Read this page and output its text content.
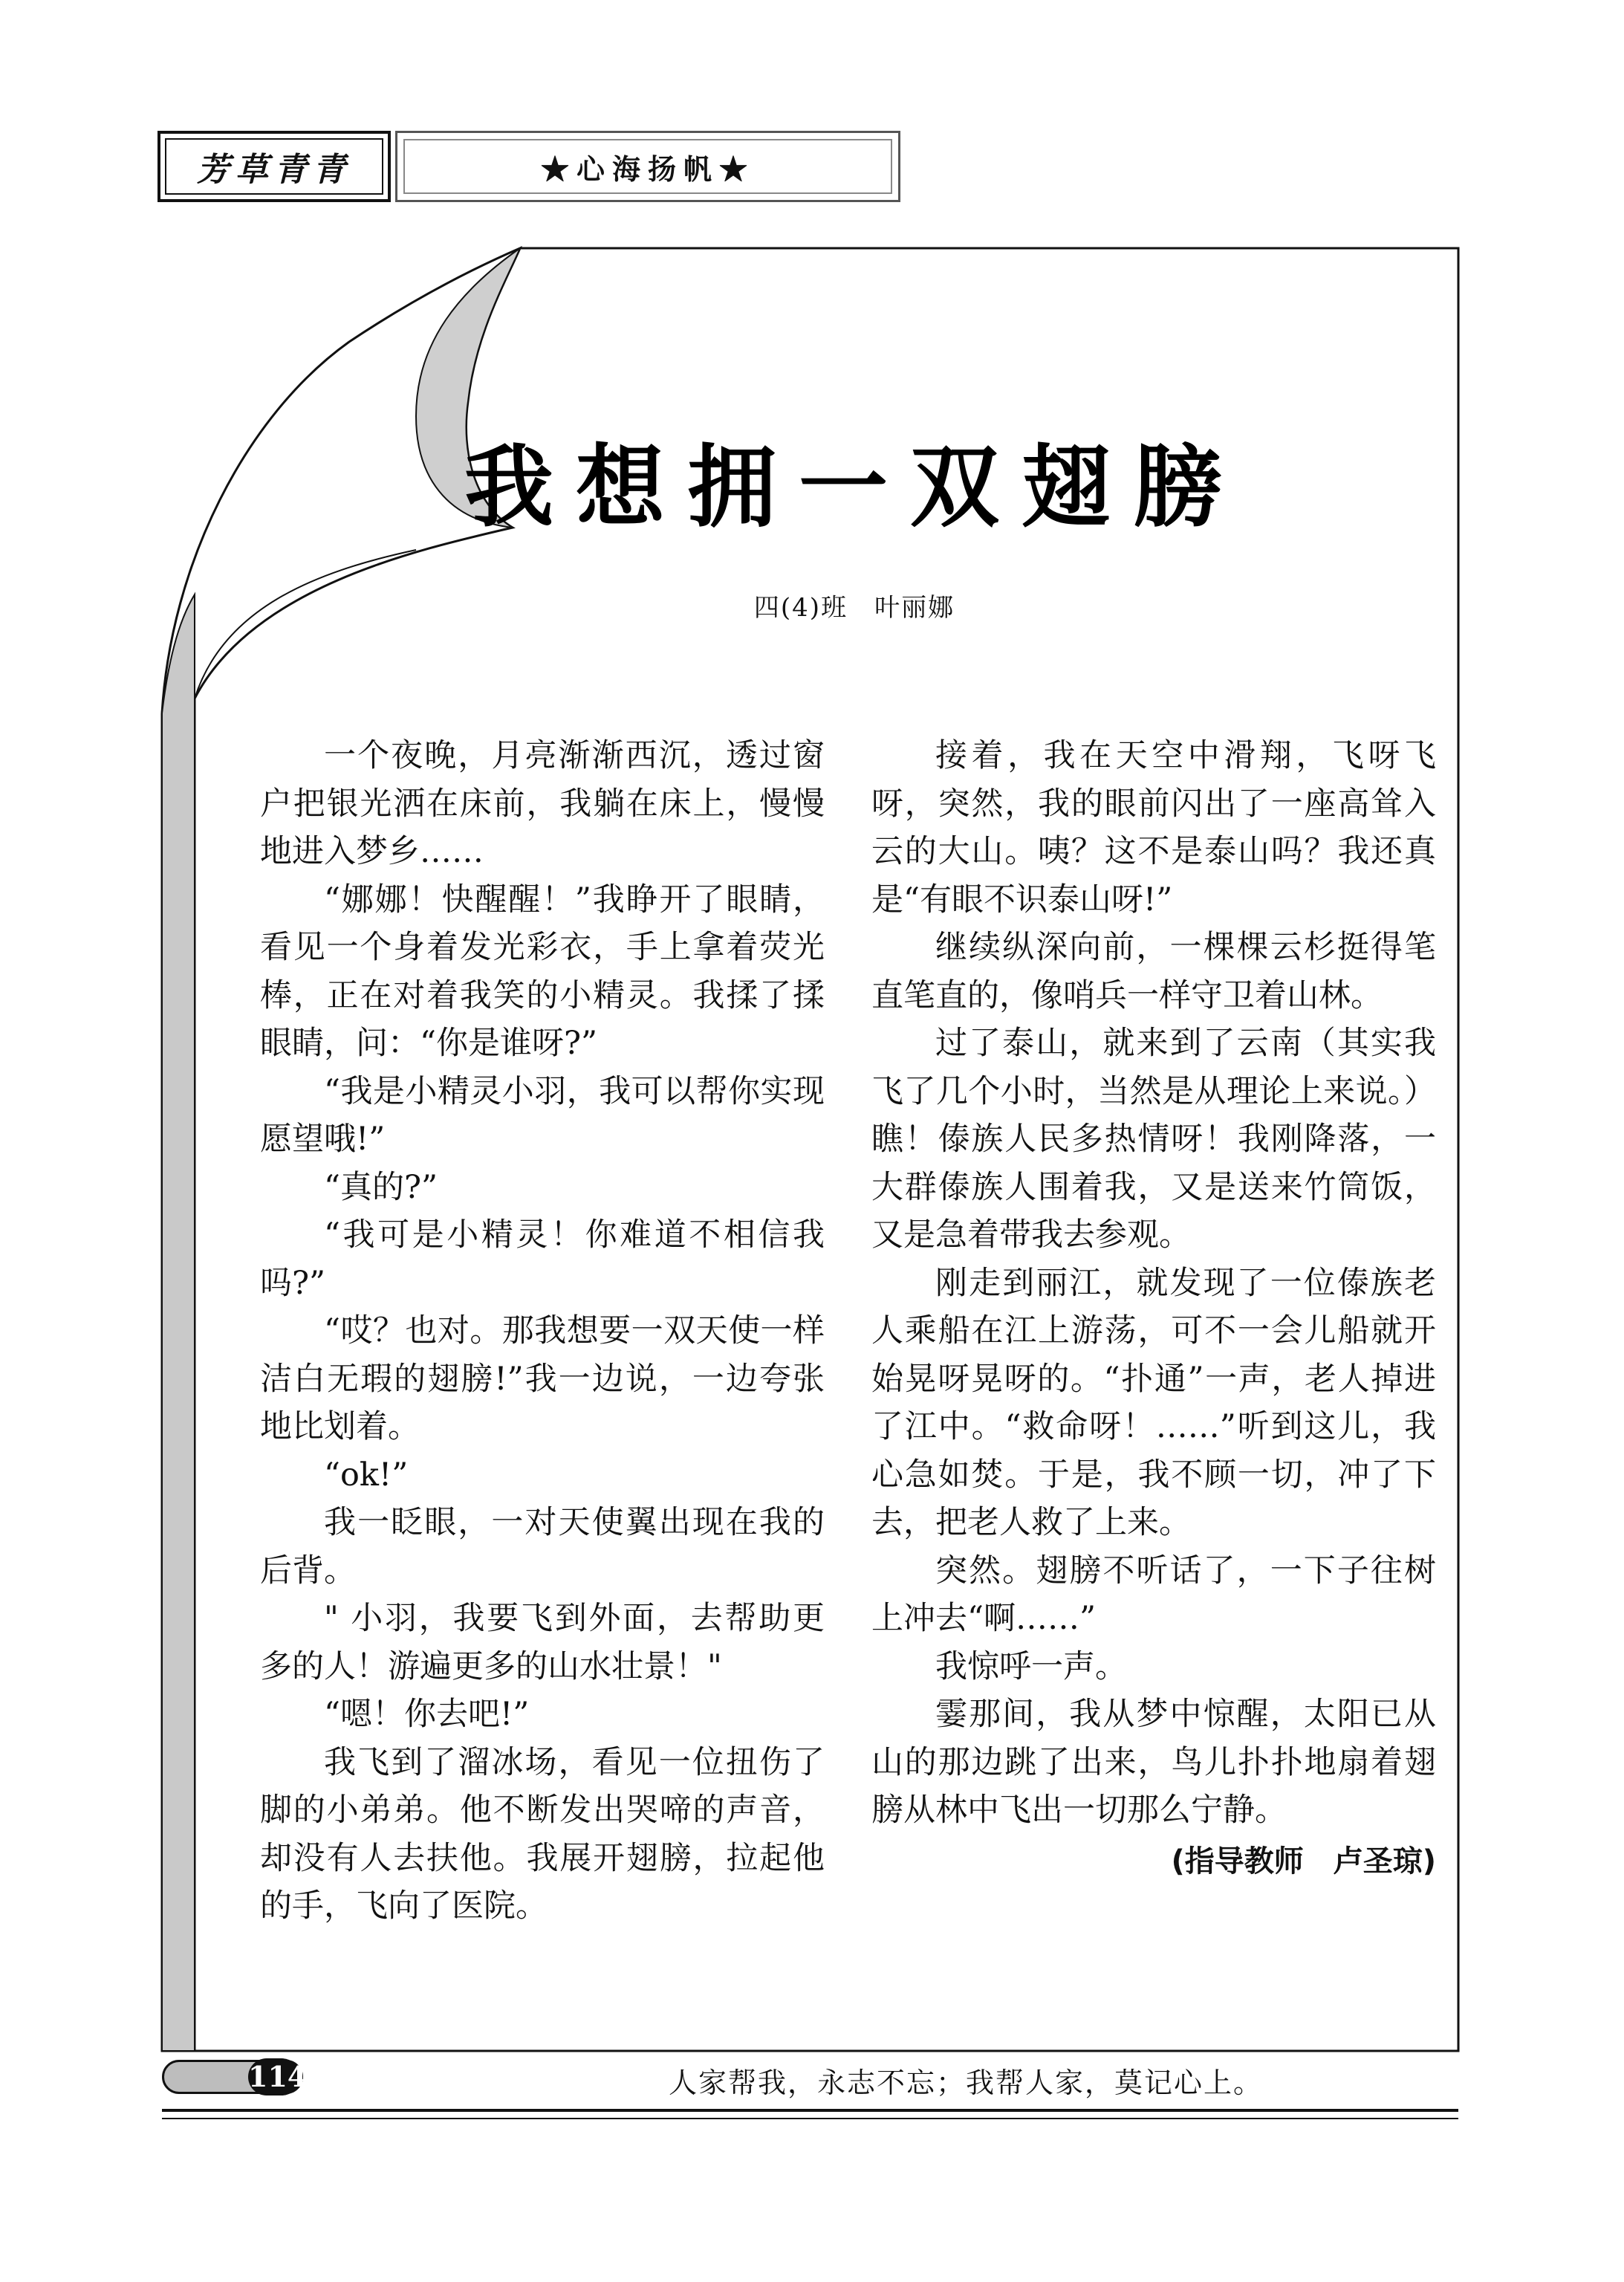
芳草青青	★心海扬帆★
我想拥一双翅膀
四(4)班　叶丽娜

一个夜晚，月亮渐渐西沉，透过窗户把银光洒在床前，我躺在床上，慢慢地进入梦乡……

“娜娜！快醒醒！”我睁开了眼睛，看见一个身着发光彩衣，手上拿着荧光棒，正在对着我笑的小精灵。我揉了揉眼睛，问：“你是谁呀?”

“我是小精灵小羽，我可以帮你实现愿望哦!”

“真的?”

“我可是小精灵！你难道不相信我吗?”

“哎？也对。那我想要一双天使一样洁白无瑕的翅膀!”我一边说，一边夸张地比划着。

“ok!”

我一眨眼，一对天使翼出现在我的后背。

" 小羽，我要飞到外面，去帮助更多的人！游遍更多的山水壮景！"

“嗯！你去吧!”

我飞到了溜冰场，看见一位扭伤了脚的小弟弟。他不断发出哭啼的声音，却没有人去扶他。我展开翅膀，拉起他的手，飞向了医院。

接着，我在天空中滑翔，飞呀飞呀，突然，我的眼前闪出了一座高耸入云的大山。咦？这不是泰山吗？我还真是“有眼不识泰山呀!”

继续纵深向前，一棵棵云杉挺得笔直笔直的，像哨兵一样守卫着山林。

过了泰山，就来到了云南（其实我飞了几个小时，当然是从理论上来说。）瞧！傣族人民多热情呀！我刚降落，一大群傣族人围着我，又是送来竹筒饭，又是急着带我去参观。

刚走到丽江，就发现了一位傣族老人乘船在江上游荡，可不一会儿船就开始晃呀晃呀的。“扑通”一声，老人掉进了江中。“救命呀！……”听到这儿，我心急如焚。于是，我不顾一切，冲了下去，把老人救了上来。

突然。翅膀不听话了，一下子往树上冲去“啊……”

我惊呼一声。

霎那间，我从梦中惊醒，太阳已从山的那边跳了出来，鸟儿扑扑地扇着翅膀从林中飞出一切那么宁静。

(指导教师　卢圣琼)

114	人家帮我，永志不忘；我帮人家，莫记心上。
